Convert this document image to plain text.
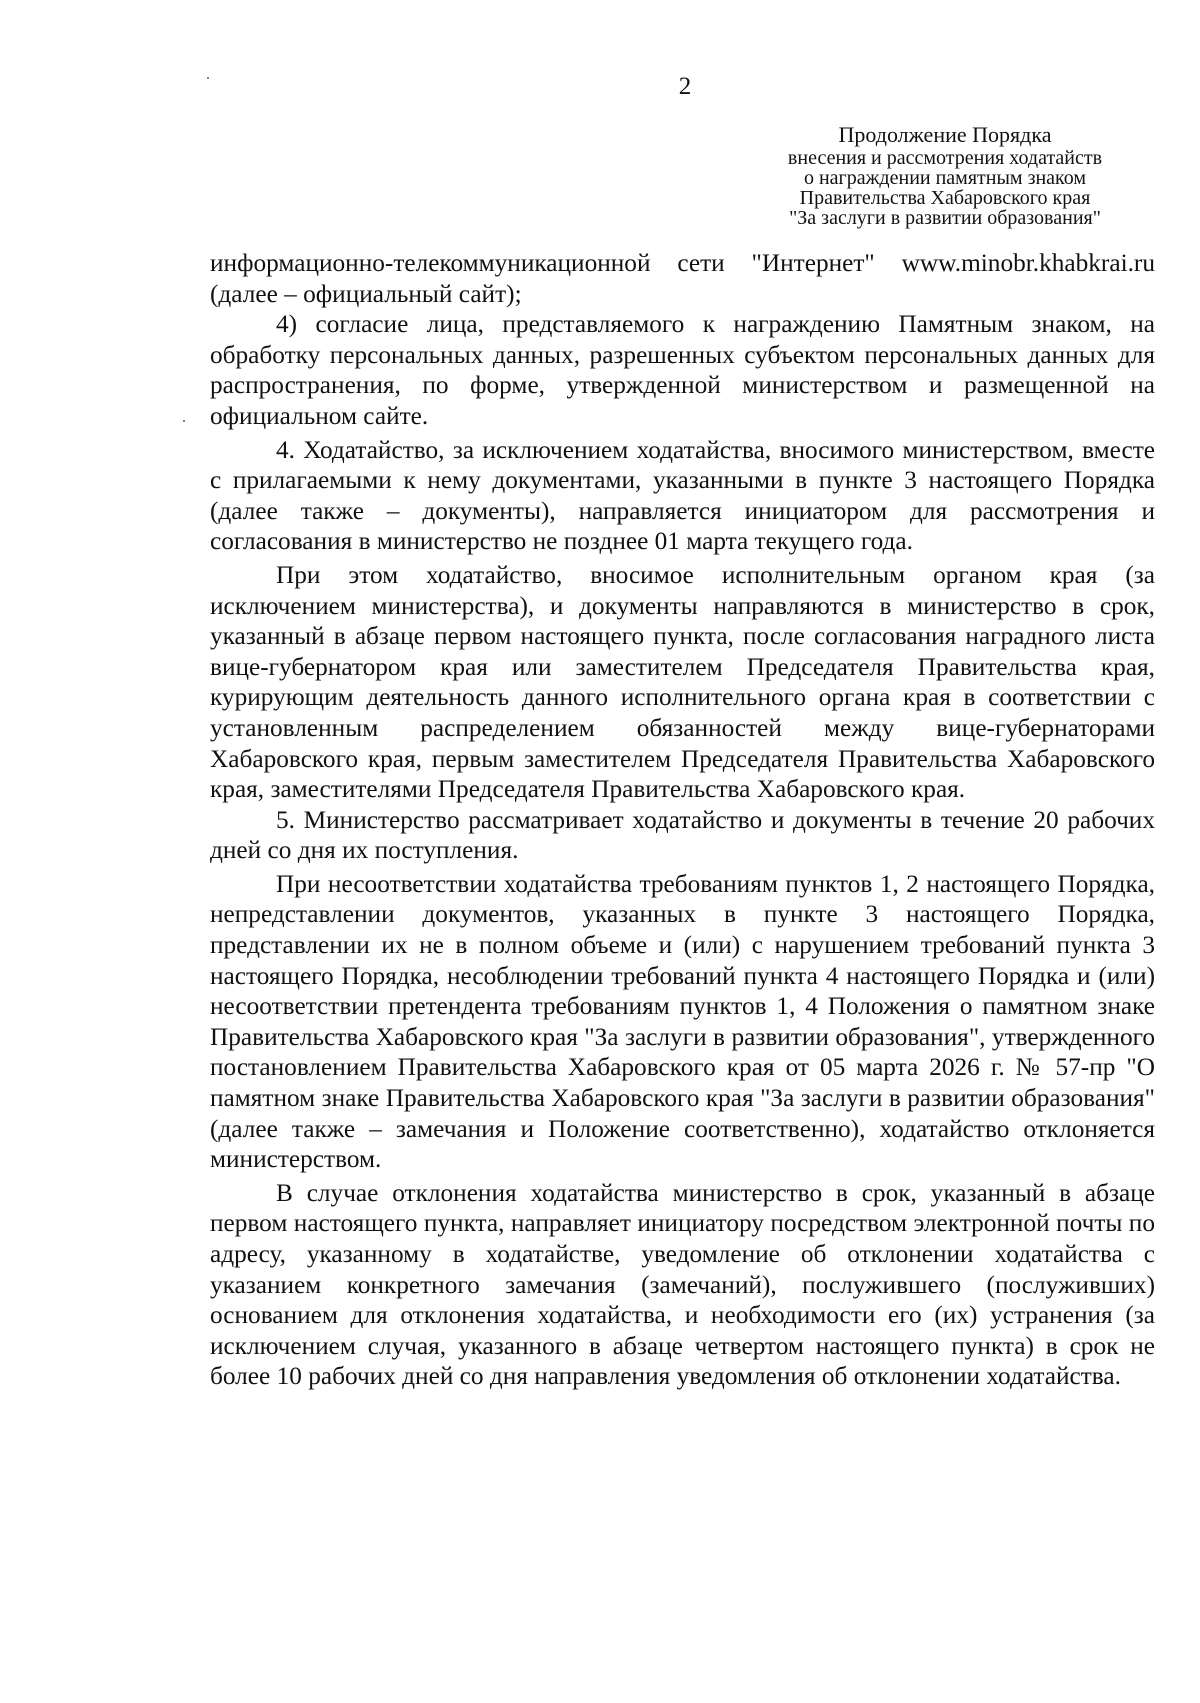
2
Продолжение Порядка
внесения и рассмотрения ходатайств
о награждении памятным знаком
Правительства Хабаровского края
"За заслуги в развитии образования"

информационно-телекоммуникационной сети "Интернет" www.minobr.khabkrai.ru (далее – официальный сайт);

4) согласие лица, представляемого к награждению Памятным знаком, на обработку персональных данных, разрешенных субъектом персональных данных для распространения, по форме, утвержденной министерством и размещенной на официальном сайте.

4. Ходатайство, за исключением ходатайства, вносимого министерством, вместе с прилагаемыми к нему документами, указанными в пункте 3 настоящего Порядка (далее также – документы), направляется инициатором для рассмотрения и согласования в министерство не позднее 01 марта текущего года.

При этом ходатайство, вносимое исполнительным органом края (за исключением министерства), и документы направляются в министерство в срок, указанный в абзаце первом настоящего пункта, после согласования наградного листа вице-губернатором края или заместителем Председателя Правительства края, курирующим деятельность данного исполнительного органа края в соответствии с установленным распределением обязанностей между вице-губернаторами Хабаровского края, первым заместителем Председателя Правительства Хабаровского края, заместителями Председателя Правительства Хабаровского края.

5. Министерство рассматривает ходатайство и документы в течение 20 рабочих дней со дня их поступления.

При несоответствии ходатайства требованиям пунктов 1, 2 настоящего Порядка, непредставлении документов, указанных в пункте 3 настоящего Порядка, представлении их не в полном объеме и (или) с нарушением требований пункта 3 настоящего Порядка, несоблюдении требований пункта 4 настоящего Порядка и (или) несоответствии претендента требованиям пунктов 1, 4 Положения о памятном знаке Правительства Хабаровского края "За заслуги в развитии образования", утвержденного постановлением Правительства Хабаровского края от 05 марта 2026 г. № 57-пр "О памятном знаке Правительства Хабаровского края "За заслуги в развитии образования" (далее также – замечания и Положение соответственно), ходатайство отклоняется министерством.

В случае отклонения ходатайства министерство в срок, указанный в абзаце первом настоящего пункта, направляет инициатору посредством электронной почты по адресу, указанному в ходатайстве, уведомление об отклонении ходатайства с указанием конкретного замечания (замечаний), послужившего (послуживших) основанием для отклонения ходатайства, и необходимости его (их) устранения (за исключением случая, указанного в абзаце четвертом настоящего пункта) в срок не более 10 рабочих дней со дня направления уведомления об отклонении ходатайства.
